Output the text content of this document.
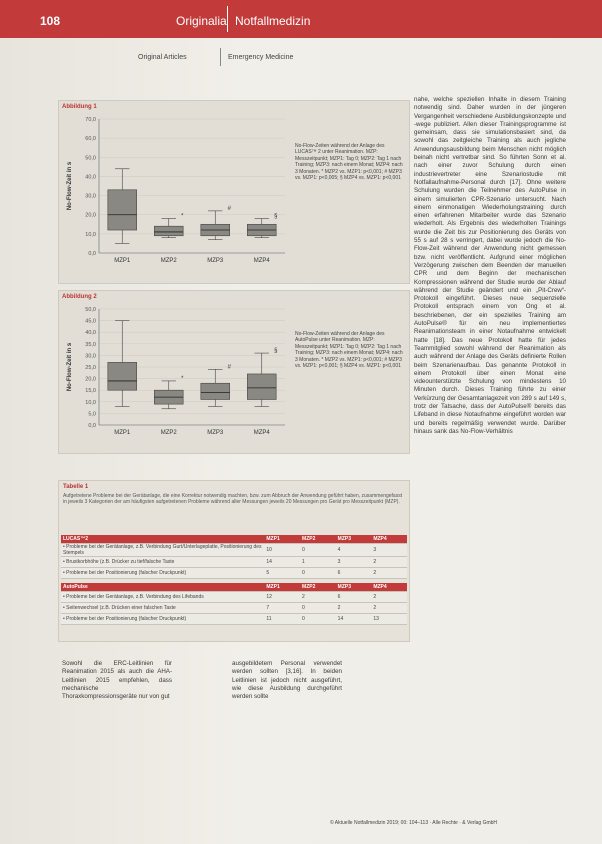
108	Originalia Notfallmedizin
Original Articles	Emergency Medicine
Abbildung 1
70,0
60,0
50,0
40,0
30,0
20,0
10,0
0,0
No-Flow-Zeit in s
MZP1
*
MZP2
#
MZP3
§
MZP4
No-Flow-Zeiten während der Anlage des LUCAS™ 2 unter Reanimation. MZP: Messzeitpunkt; MZP1: Tag 0; MZP2: Tag 1 nach Training; MZP3: nach einem Monat; MZP4: nach 3 Monaten. * MZP2 vs. MZP1: p<0,001; # MZP3 vs. MZP1: p<0,005; § MZP4 vs. MZP1: p<0,001
Abbildung 2
50,0
45,0
40,0
35,0
30,0
25,0
20,0
15,0
10,0
5,0
0,0
No-Flow-Zeit in s
MZP1
*
MZP2
#
MZP3
§
MZP4
No-Flow-Zeiten während der Anlage des AutoPulse unter Reanimation. MZP: Messzeitpunkt; MZP1: Tag 0; MZP2: Tag 1 nach Training; MZP3: nach einem Monat; MZP4: nach 3 Monaten. * MZP2 vs. MZP1: p<0,001; # MZP3 vs. MZP1: p<0,001; § MZP4 vs. MZP1: p<0,001
Tabelle 1
Aufgetretene Probleme bei der Gerätanlage, die eine Korrektur notwendig machten, bzw. zum Abbruch der Anwendung geführt haben, zusammengefasst in jeweils 3 Kategorien der am häufigsten aufgetretenen Probleme während aller Messungen jeweils 20 Messungen pro Gerät pro Messzeitpunkt (MZP).
LUCAS™2	MZP1	MZP2	MZP3	MZP4
• Probleme bei der Gerätanlage, z.B. Verbindung Gurt/Unterlageplatte, Positionierung des Stempels	10	0	4	3
• Brustkorbhöhe (z.B. Drücker zu tief/falsche Taste	14	1	3	2
• Probleme bei der Positionierung (falscher Druckpunkt)	5	0	6	2
AutoPulse	MZP1	MZP2	MZP3	MZP4
• Probleme bei der Gerätanlage, z.B. Verbindung des Lifebands	12	2	6	2
• Seitenwechsel (z.B. Drücken einer falschen Taste	7	0	2	2
• Probleme bei der Positionierung (falscher Druckpunkt)	11	0	14	13
nahe, welche speziellen Inhalte in diesem Training notwendig sind. Daher wurden in der jüngeren Vergangenheit verschiedene Ausbildungskonzepte und -wege publiziert. Allen dieser Trainingsprogramme ist gemeinsam, dass sie simulationsbasiert sind, da sowohl das zeitgleiche Training als auch jegliche Anwendungsausbildung beim Menschen nicht möglich beinah nicht vertretbar sind. So führten Sonn et al. nach einer zuvor Schulung durch einen industrievertreter eine Szenariostudie mit Notfallaufnahme-Personal durch [17]. Ohne weitere Schulung wurden die Teilnehmer des AutoPulse in einem simulierten CPR-Szenario untersucht. Nach einem einmonatigen Wiederholungstraining durch einen erfahrenen Mitarbeiter wurde das Szenario wiederholt. Als Ergebnis des wiederholten Trainings wurde die Zeit bis zur Positionierung des Geräts von 55 s auf 28 s verringert, dabei wurde jedoch die No-Flow-Zeit während der Anwendung nicht gemessen bzw. nicht veröffentlicht. Aufgrund einer möglichen Verzögerung zwischen dem Beenden der manuellen CPR und dem Beginn der mechanischen Kompressionen während der Studie wurde der Ablauf während der Studie geändert und ein „Pit-Crew“-Protokoll eingeführt. Dieses neue sequenzielle Protokoll entsprach einem von Ong et al. beschriebenen, der ein spezielles Training am AutoPulse® für ein neu implementiertes Reanimationsteam in einer Notaufnahme entwickelt hatte [18]. Das neue Protokoll hatte für jedes Teammitglied sowohl während der Reanimation als auch während der Anlage des Geräts definierte Rollen beim Szenarienaufbau. Das genannte Protokoll in einem Protokoll über einen Monat eine videounterstützte Schulung von mindestens 10 Minuten durch. Dieses Training führte zu einer Verkürzung der Gesamtanlagezeit von 289 s auf 149 s, trotz der Tatsache, dass der AutoPulse® bereits das Lifeband in diese Notaufnahme eingeführt worden war und bereits regelmäßig verwendet wurde. Darüber hinaus sank das No-Flow-Verhältnis
Sowohl die ERC-Leitlinien für Reanimation 2015 als auch die AHA-Leitlinien 2015 empfehlen, dass mechanische Thoraxkompressionsgeräte nur von gut
ausgebildetem Personal verwendet werden sollten [3,16]. In beiden Leitlinien ist jedoch nicht ausgeführt, wie diese Ausbildung durchgeführt werden sollte
© Aktuelle Notfallmedizin 2019; 00: 104–113 · Alle Rechte · & Verlag GmbH
